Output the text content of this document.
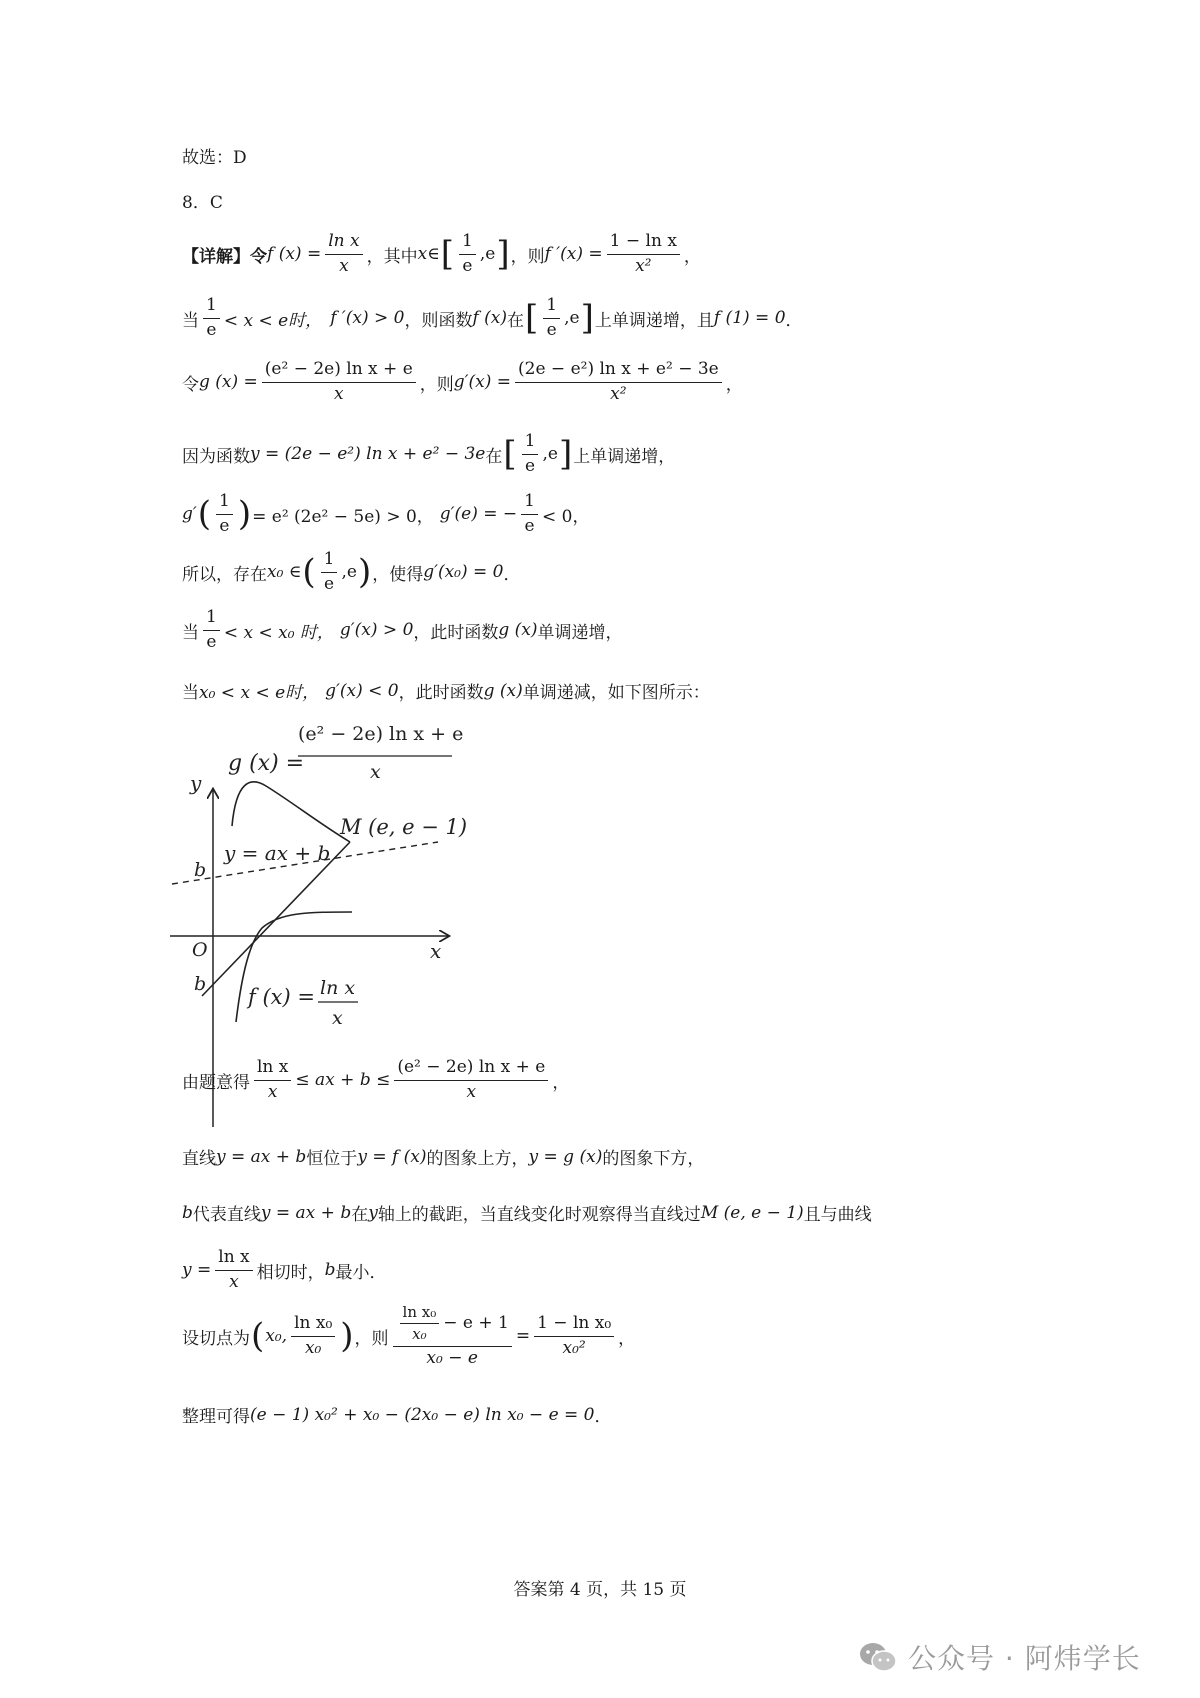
故选：D
8．C
【详解】令 f $(x) = \frac{\text{ln x}}{x}$ ，其中 x∈ [ $\frac{1}{e} ,e$ ] ，则 f $'(x) = \frac{\text{1 − ln x}}{\text{x²}}$ ，
当 $\frac{1}{e} < x < e$时， f ′(x) > 0 ，则函数 f (x) 在 [ $\frac{1}{e} ,e$ ] 上单调递增，且 f (1) = 0 ．
令 g $(x) = \frac{\text{(e² − 2e) ln x + e}}{x}$ ，则 $g'(x) = \frac{\text{(2e − e²) ln x + e² − 3e}}{\text{x²}}$ ，
因为函数 y = (2e − e²) ln x + e² − 3e 在 [ $\frac{1}{e} ,e$ ] 上单调递增，
g′ ( $\frac{1}{e}$ ) = e² (2e² − 5e) > 0， g′(e) = − $\frac{1}{e} < 0$，
所以，存在 x₀ ∈ ( $\frac{1}{e} ,e$ ) ，使得 g′(x₀) = 0 ．
当 $\frac{1}{e} < x < x_0$ 时， g′(x) > 0 ，此时函数 g (x) 单调递增，
当 x₀ < x < e时， g′(x) < 0 ，此时函数 g (x) 单调递减，如下图所示：
y
x
O
g (x) =
(e² − 2e) ln x + e
x
M (e, e − 1)
y = ax + b
b
b
f (x) = ln x
x
由题意得 $\frac{\text{ln x}}{x}$ ≤ ax + $b \le \frac{\text{(e² − 2e) ln x + e}}{x}$ ，
直线 y = ax + b 恒位于 y = f (x) 的图象上方， y = g (x) 的图象下方，
b 代表直线 y = ax + b 在 y 轴上的截距，当直线变化时观察得当直线过 M (e, e − 1) 且与曲线
$y = \frac{\text{ln x}}{x}$ 相切时， b 最小．
设切点为 ( x₀, $\frac{\text{ln x₀}}{\text{x₀}}$ ) ，则 $\frac{\frac{\text{ln x₀}}{\text{x₀}} - e + 1}{\text{x₀ − e}} = \frac{\text{1 − ln x₀}}{\text{x₀²}}$ ，
整理可得 (e − 1) x₀² + x₀ − (2x₀ − e) ln x₀ − e = 0 ．
答案第 4 页，共 15 页
公众号 · 阿炜学长
